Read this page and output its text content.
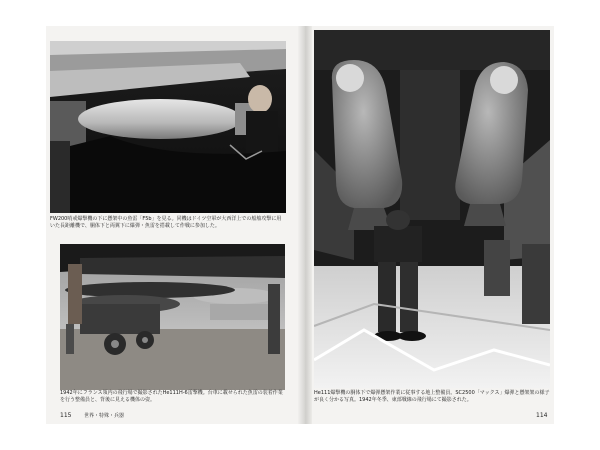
FW200哨戒爆撃機の下に懸架中の魚雷「F5b」を見る。同機はドイツ空軍が大西洋上での船舶攻撃に用いた長距離機で、胴体下と両翼下に爆弾・魚雷を搭載して作戦に参加した。

1942年にフランス領内の飛行場で撮影されたHe111H-6雷撃機。台車に載せられた魚雷の装着作業を行う整備員と、背後に見える機体の姿。

115	世界・特殊・兵器

He111爆撃機の胴体下で爆弾懸架作業に従事する地上整備員。SC2500「マックス」爆弾と懸架架の様子が良く分かる写真。1942年冬季、東部戦線の飛行場にて撮影された。

114
